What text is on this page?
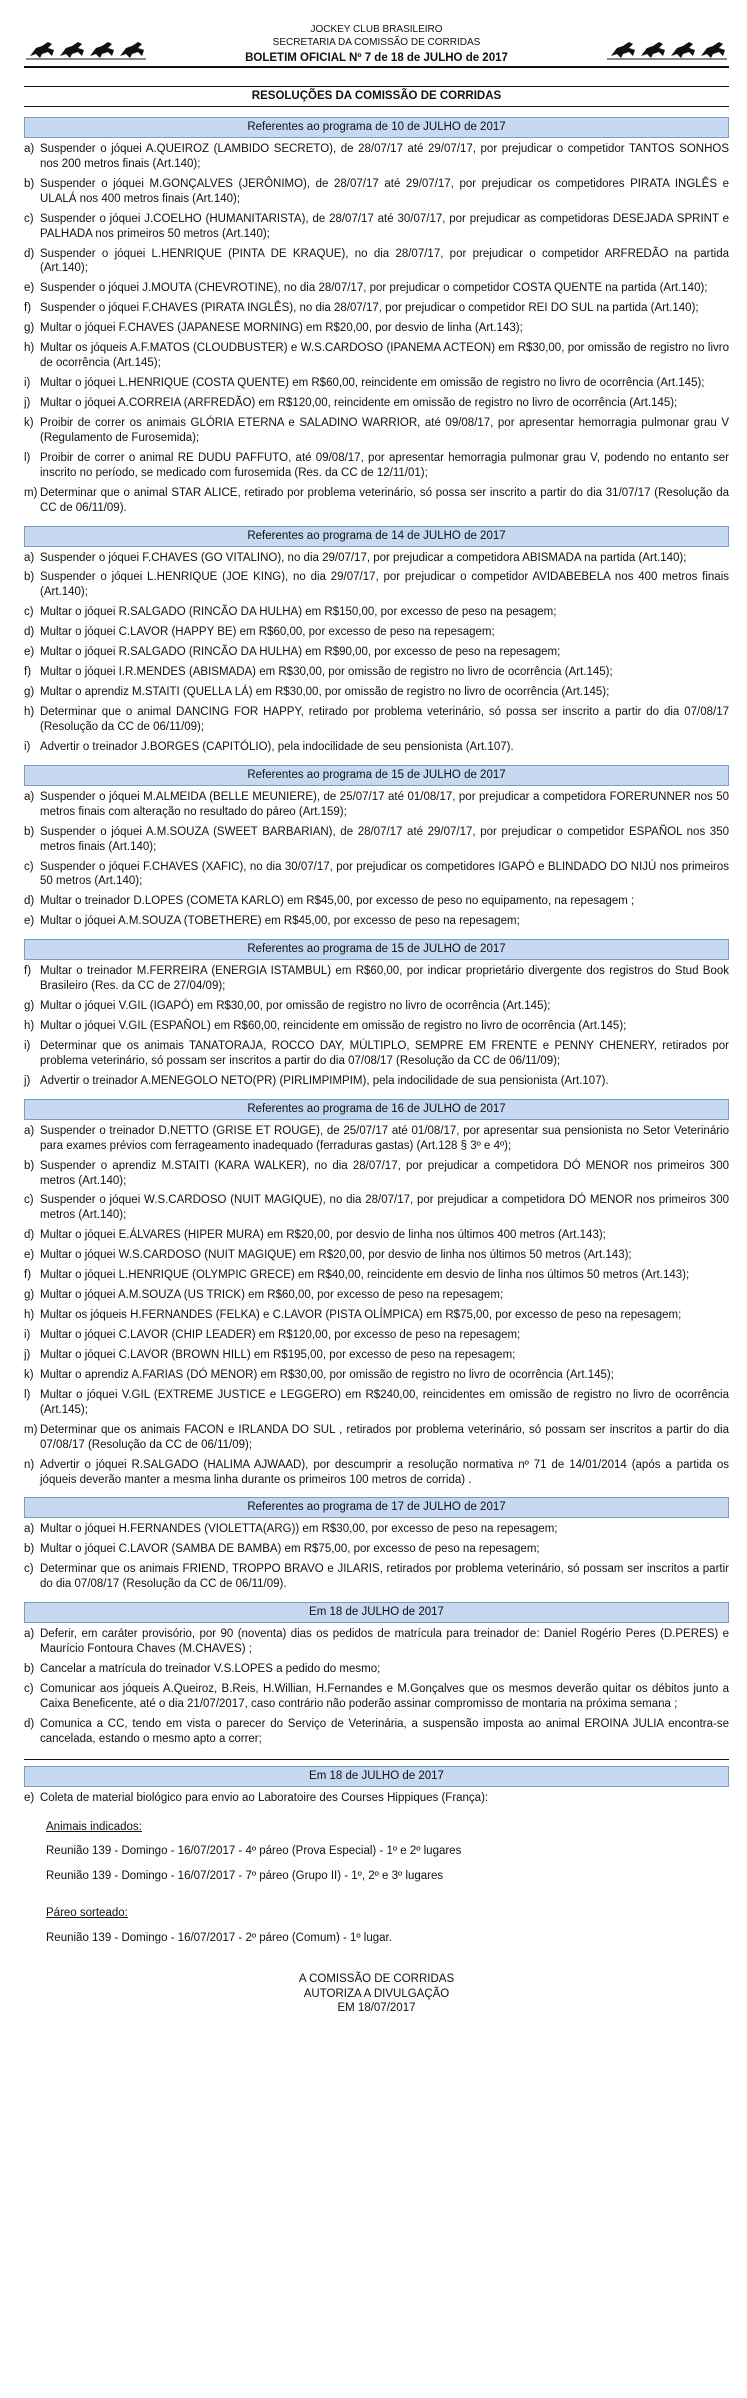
JOCKEY CLUB BRASILEIRO
SECRETARIA DA COMISSÃO DE CORRIDAS
BOLETIM OFICIAL Nº 7 de 18 de JULHO de 2017
RESOLUÇÕES DA COMISSÃO DE CORRIDAS
Referentes ao programa de 10 de JULHO de 2017
a) Suspender o jóquei A.QUEIROZ (LAMBIDO SECRETO), de 28/07/17 até 29/07/17, por prejudicar o competidor TANTOS SONHOS nos 200 metros finais (Art.140);
b) Suspender o jóquei M.GONÇALVES (JERÔNIMO), de 28/07/17 até 29/07/17, por prejudicar os competidores PIRATA INGLÊS e ULALÁ nos 400 metros finais (Art.140);
c) Suspender o jóquei J.COELHO (HUMANITARISTA), de 28/07/17 até 30/07/17, por prejudicar as competidoras DESEJADA SPRINT e PALHADA nos primeiros 50 metros (Art.140);
d) Suspender o jóquei L.HENRIQUE (PINTA DE KRAQUE), no dia 28/07/17, por prejudicar o competidor ARFREDÃO na partida (Art.140);
e) Suspender o jóquei J.MOUTA (CHEVROTINE), no dia 28/07/17, por prejudicar o competidor COSTA QUENTE na partida (Art.140);
f) Suspender o jóquei F.CHAVES (PIRATA INGLÊS), no dia 28/07/17, por prejudicar o competidor REI DO SUL na partida (Art.140);
g) Multar o jóquei F.CHAVES (JAPANESE MORNING) em R$20,00, por desvio de linha (Art.143);
h) Multar os jóqueis A.F.MATOS (CLOUDBUSTER) e W.S.CARDOSO (IPANEMA ACTEON) em R$30,00, por omissão de registro no livro de ocorrência (Art.145);
i) Multar o jóquei L.HENRIQUE (COSTA QUENTE) em R$60,00, reincidente em omissão de registro no livro de ocorrência (Art.145);
j) Multar o jóquei A.CORREIA (ARFREDÃO) em R$120,00, reincidente em omissão de registro no livro de ocorrência (Art.145);
k) Proibir de correr os animais GLÓRIA ETERNA e SALADINO WARRIOR, até 09/08/17, por apresentar hemorragia pulmonar grau V (Regulamento de Furosemida);
l) Proibir de correr o animal RE DUDU PAFFUTO, até 09/08/17, por apresentar hemorragia pulmonar grau V, podendo no entanto ser inscrito no período, se medicado com furosemida (Res. da CC de 12/11/01);
m) Determinar que o animal STAR ALICE, retirado por problema veterinário, só possa ser inscrito a partir do dia 31/07/17 (Resolução da CC de 06/11/09).
Referentes ao programa de 14 de JULHO de 2017
a) Suspender o jóquei F.CHAVES (GO VITALINO), no dia 29/07/17, por prejudicar a competidora ABISMADA na partida (Art.140);
b) Suspender o jóquei L.HENRIQUE (JOE KING), no dia 29/07/17, por prejudicar o competidor AVIDABEBELA nos 400 metros finais (Art.140);
c) Multar o jóquei R.SALGADO (RINCÃO DA HULHA) em R$150,00, por excesso de peso na pesagem;
d) Multar o jóquei C.LAVOR (HAPPY BE) em R$60,00, por excesso de peso na repesagem;
e) Multar o jóquei R.SALGADO (RINCÃO DA HULHA) em R$90,00, por excesso de peso na repesagem;
f) Multar o jóquei I.R.MENDES (ABISMADA) em R$30,00, por omissão de registro no livro de ocorrência (Art.145);
g) Multar o aprendiz M.STAITI (QUELLA LÁ) em R$30,00, por omissão de registro no livro de ocorrência (Art.145);
h) Determinar que o animal DANCING FOR HAPPY, retirado por problema veterinário, só possa ser inscrito a partir do dia 07/08/17 (Resolução da CC de 06/11/09);
i) Advertir o treinador J.BORGES (CAPITÓLIO), pela indocilidade de seu pensionista (Art.107).
Referentes ao programa de 15 de JULHO de 2017
a) Suspender o jóquei M.ALMEIDA (BELLE MEUNIERE), de 25/07/17 até 01/08/17, por prejudicar a competidora FORERUNNER nos 50 metros finais com alteração no resultado do páreo (Art.159);
b) Suspender o jóquei A.M.SOUZA (SWEET BARBARIAN), de 28/07/17 até 29/07/17, por prejudicar o competidor ESPAÑOL nos 350 metros finais (Art.140);
c) Suspender o jóquei F.CHAVES (XAFIC), no dia 30/07/17, por prejudicar os competidores IGAPÓ e BLINDADO DO NIJÚ nos primeiros 50 metros (Art.140);
d) Multar o treinador D.LOPES (COMETA KARLO) em R$45,00, por excesso de peso no equipamento, na repesagem ;
e) Multar o jóquei A.M.SOUZA (TOBETHERE) em R$45,00, por excesso de peso na repesagem;
Referentes ao programa de 15 de JULHO de 2017
f) Multar o treinador M.FERREIRA (ENERGIA ISTAMBUL) em R$60,00, por indicar proprietário divergente dos registros do Stud Book Brasileiro (Res. da CC de 27/04/09);
g) Multar o jóquei V.GIL (IGAPÓ) em R$30,00, por omissão de registro no livro de ocorrência (Art.145);
h) Multar o jóquei V.GIL (ESPAÑOL) em R$60,00, reincidente em omissão de registro no livro de ocorrência (Art.145);
i) Determinar que os animais TANATORAJA, ROCCO DAY, MÚLTIPLO, SEMPRE EM FRENTE e PENNY CHENERY, retirados por problema veterinário, só possam ser inscritos a partir do dia 07/08/17 (Resolução da CC de 06/11/09);
j) Advertir o treinador A.MENEGOLO NETO(PR) (PIRLIMPIMPIM), pela indocilidade de sua pensionista (Art.107).
Referentes ao programa de 16 de JULHO de 2017
a) Suspender o treinador D.NETTO (GRISE ET ROUGE), de 25/07/17 até 01/08/17, por apresentar sua pensionista no Setor Veterinário para exames prévios com ferrageamento inadequado (ferraduras gastas) (Art.128 § 3º e 4º);
b) Suspender o aprendiz M.STAITI (KARA WALKER), no dia 28/07/17, por prejudicar a competidora DÓ MENOR nos primeiros 300 metros (Art.140);
c) Suspender o jóquei W.S.CARDOSO (NUIT MAGIQUE), no dia 28/07/17, por prejudicar a competidora DÓ MENOR nos primeiros 300 metros (Art.140);
d) Multar o jóquei E.ÁLVARES (HIPER MURA) em R$20,00, por desvio de linha nos últimos 400 metros (Art.143);
e) Multar o jóquei W.S.CARDOSO (NUIT MAGIQUE) em R$20,00, por desvio de linha nos últimos 50 metros (Art.143);
f) Multar o jóquei L.HENRIQUE (OLYMPIC GRECE) em R$40,00, reincidente em desvio de linha nos últimos 50 metros (Art.143);
g) Multar o jóquei A.M.SOUZA (US TRICK) em R$60,00, por excesso de peso na repesagem;
h) Multar os jóqueis H.FERNANDES (FELKA) e C.LAVOR (PISTA OLÍMPICA) em R$75,00, por excesso de peso na repesagem;
i) Multar o jóquei C.LAVOR (CHIP LEADER) em R$120,00, por excesso de peso na repesagem;
j) Multar o jóquei C.LAVOR (BROWN HILL) em R$195,00, por excesso de peso na repesagem;
k) Multar o aprendiz A.FARIAS (DÓ MENOR) em R$30,00, por omissão de registro no livro de ocorrência (Art.145);
l) Multar o jóquei V.GIL (EXTREME JUSTICE e LEGGERO) em R$240,00, reincidentes em omissão de registro no livro de ocorrência (Art.145);
m) Determinar que os animais FACON e IRLANDA DO SUL , retirados por problema veterinário, só possam ser inscritos a partir do dia 07/08/17 (Resolução da CC de 06/11/09);
n) Advertir o jóquei R.SALGADO (HALIMA AJWAAD), por descumprir a resolução normativa nº 71 de 14/01/2014 (após a partida os jóqueis deverão manter a mesma linha durante os primeiros 100 metros de corrida) .
Referentes ao programa de 17 de JULHO de 2017
a) Multar o jóquei H.FERNANDES (VIOLETTA(ARG)) em R$30,00, por excesso de peso na repesagem;
b) Multar o jóquei C.LAVOR (SAMBA DE BAMBA) em R$75,00, por excesso de peso na repesagem;
c) Determinar que os animais FRIEND, TROPPO BRAVO e JILARIS, retirados por problema veterinário, só possam ser inscritos a partir do dia 07/08/17 (Resolução da CC de 06/11/09).
Em 18 de JULHO de 2017
a) Deferir, em caráter provisório, por 90 (noventa) dias os pedidos de matrícula para treinador de: Daniel Rogério Peres (D.PERES) e Maurício Fontoura Chaves (M.CHAVES) ;
b) Cancelar a matrícula do treinador V.S.LOPES a pedido do mesmo;
c) Comunicar aos jóqueis A.Queiroz, B.Reis, H.Willian, H.Fernandes e M.Gonçalves que os mesmos deverão quitar os débitos junto a Caixa Beneficente, até o dia 21/07/2017, caso contrário não poderão assinar compromisso de montaria na próxima semana ;
d) Comunica a CC, tendo em vista o parecer do Serviço de Veterinária, a suspensão imposta ao animal EROINA JULIA encontra-se cancelada, estando o mesmo apto a correr;
Em 18 de JULHO de 2017
e) Coleta de material biológico para envio ao Laboratoire des Courses Hippiques (França):
Animais indicados:
Reunião 139 - Domingo - 16/07/2017 - 4º páreo (Prova Especial) - 1º e 2º lugares
Reunião 139 - Domingo - 16/07/2017 - 7º páreo (Grupo II) - 1º, 2º e 3º lugares
Páreo sorteado:
Reunião 139 - Domingo - 16/07/2017 - 2º páreo (Comum) - 1º lugar.
A COMISSÃO DE CORRIDAS
AUTORIZA A DIVULGAÇÃO
EM 18/07/2017
